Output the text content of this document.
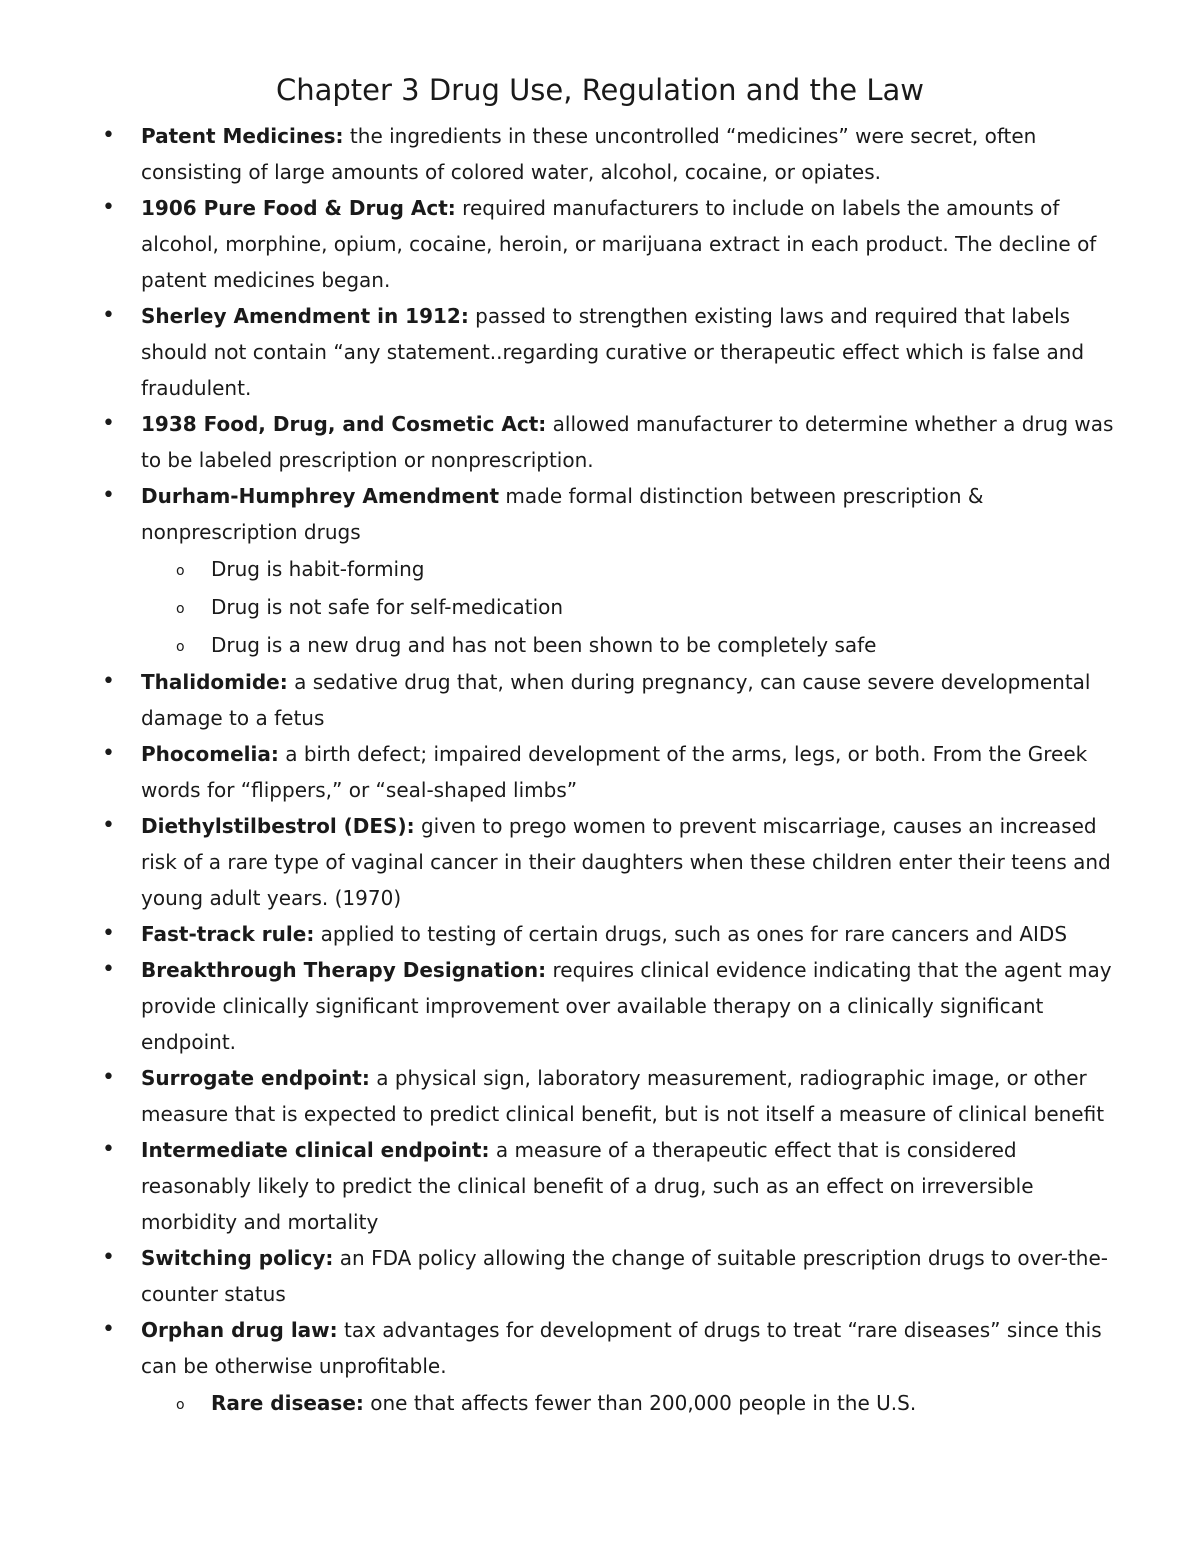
Chapter 3 Drug Use, Regulation and the Law
• Patent Medicines: the ingredients in these uncontrolled “medicines” were secret, often consisting of large amounts of colored water, alcohol, cocaine, or opiates.
• 1906 Pure Food & Drug Act: required manufacturers to include on labels the amounts of alcohol, morphine, opium, cocaine, heroin, or marijuana extract in each product. The decline of patent medicines began.
• Sherley Amendment in 1912: passed to strengthen existing laws and required that labels should not contain “any statement..regarding curative or therapeutic effect which is false and fraudulent.
• 1938 Food, Drug, and Cosmetic Act: allowed manufacturer to determine whether a drug was to be labeled prescription or nonprescription.
• Durham-Humphrey Amendment made formal distinction between prescription & nonprescription drugs
o Drug is habit-forming
o Drug is not safe for self-medication
o Drug is a new drug and has not been shown to be completely safe
• Thalidomide: a sedative drug that, when during pregnancy, can cause severe developmental damage to a fetus
• Phocomelia: a birth defect; impaired development of the arms, legs, or both. From the Greek words for “flippers,” or “seal-shaped limbs”
• Diethylstilbestrol (DES): given to prego women to prevent miscarriage, causes an increased risk of a rare type of vaginal cancer in their daughters when these children enter their teens and young adult years. (1970)
• Fast-track rule: applied to testing of certain drugs, such as ones for rare cancers and AIDS
• Breakthrough Therapy Designation: requires clinical evidence indicating that the agent may provide clinically significant improvement over available therapy on a clinically significant endpoint.
• Surrogate endpoint: a physical sign, laboratory measurement, radiographic image, or other measure that is expected to predict clinical benefit, but is not itself a measure of clinical benefit
• Intermediate clinical endpoint: a measure of a therapeutic effect that is considered reasonably likely to predict the clinical benefit of a drug, such as an effect on irreversible morbidity and mortality
• Switching policy: an FDA policy allowing the change of suitable prescription drugs to over-the-counter status
• Orphan drug law: tax advantages for development of drugs to treat “rare diseases” since this can be otherwise unprofitable.
o Rare disease: one that affects fewer than 200,000 people in the U.S.
